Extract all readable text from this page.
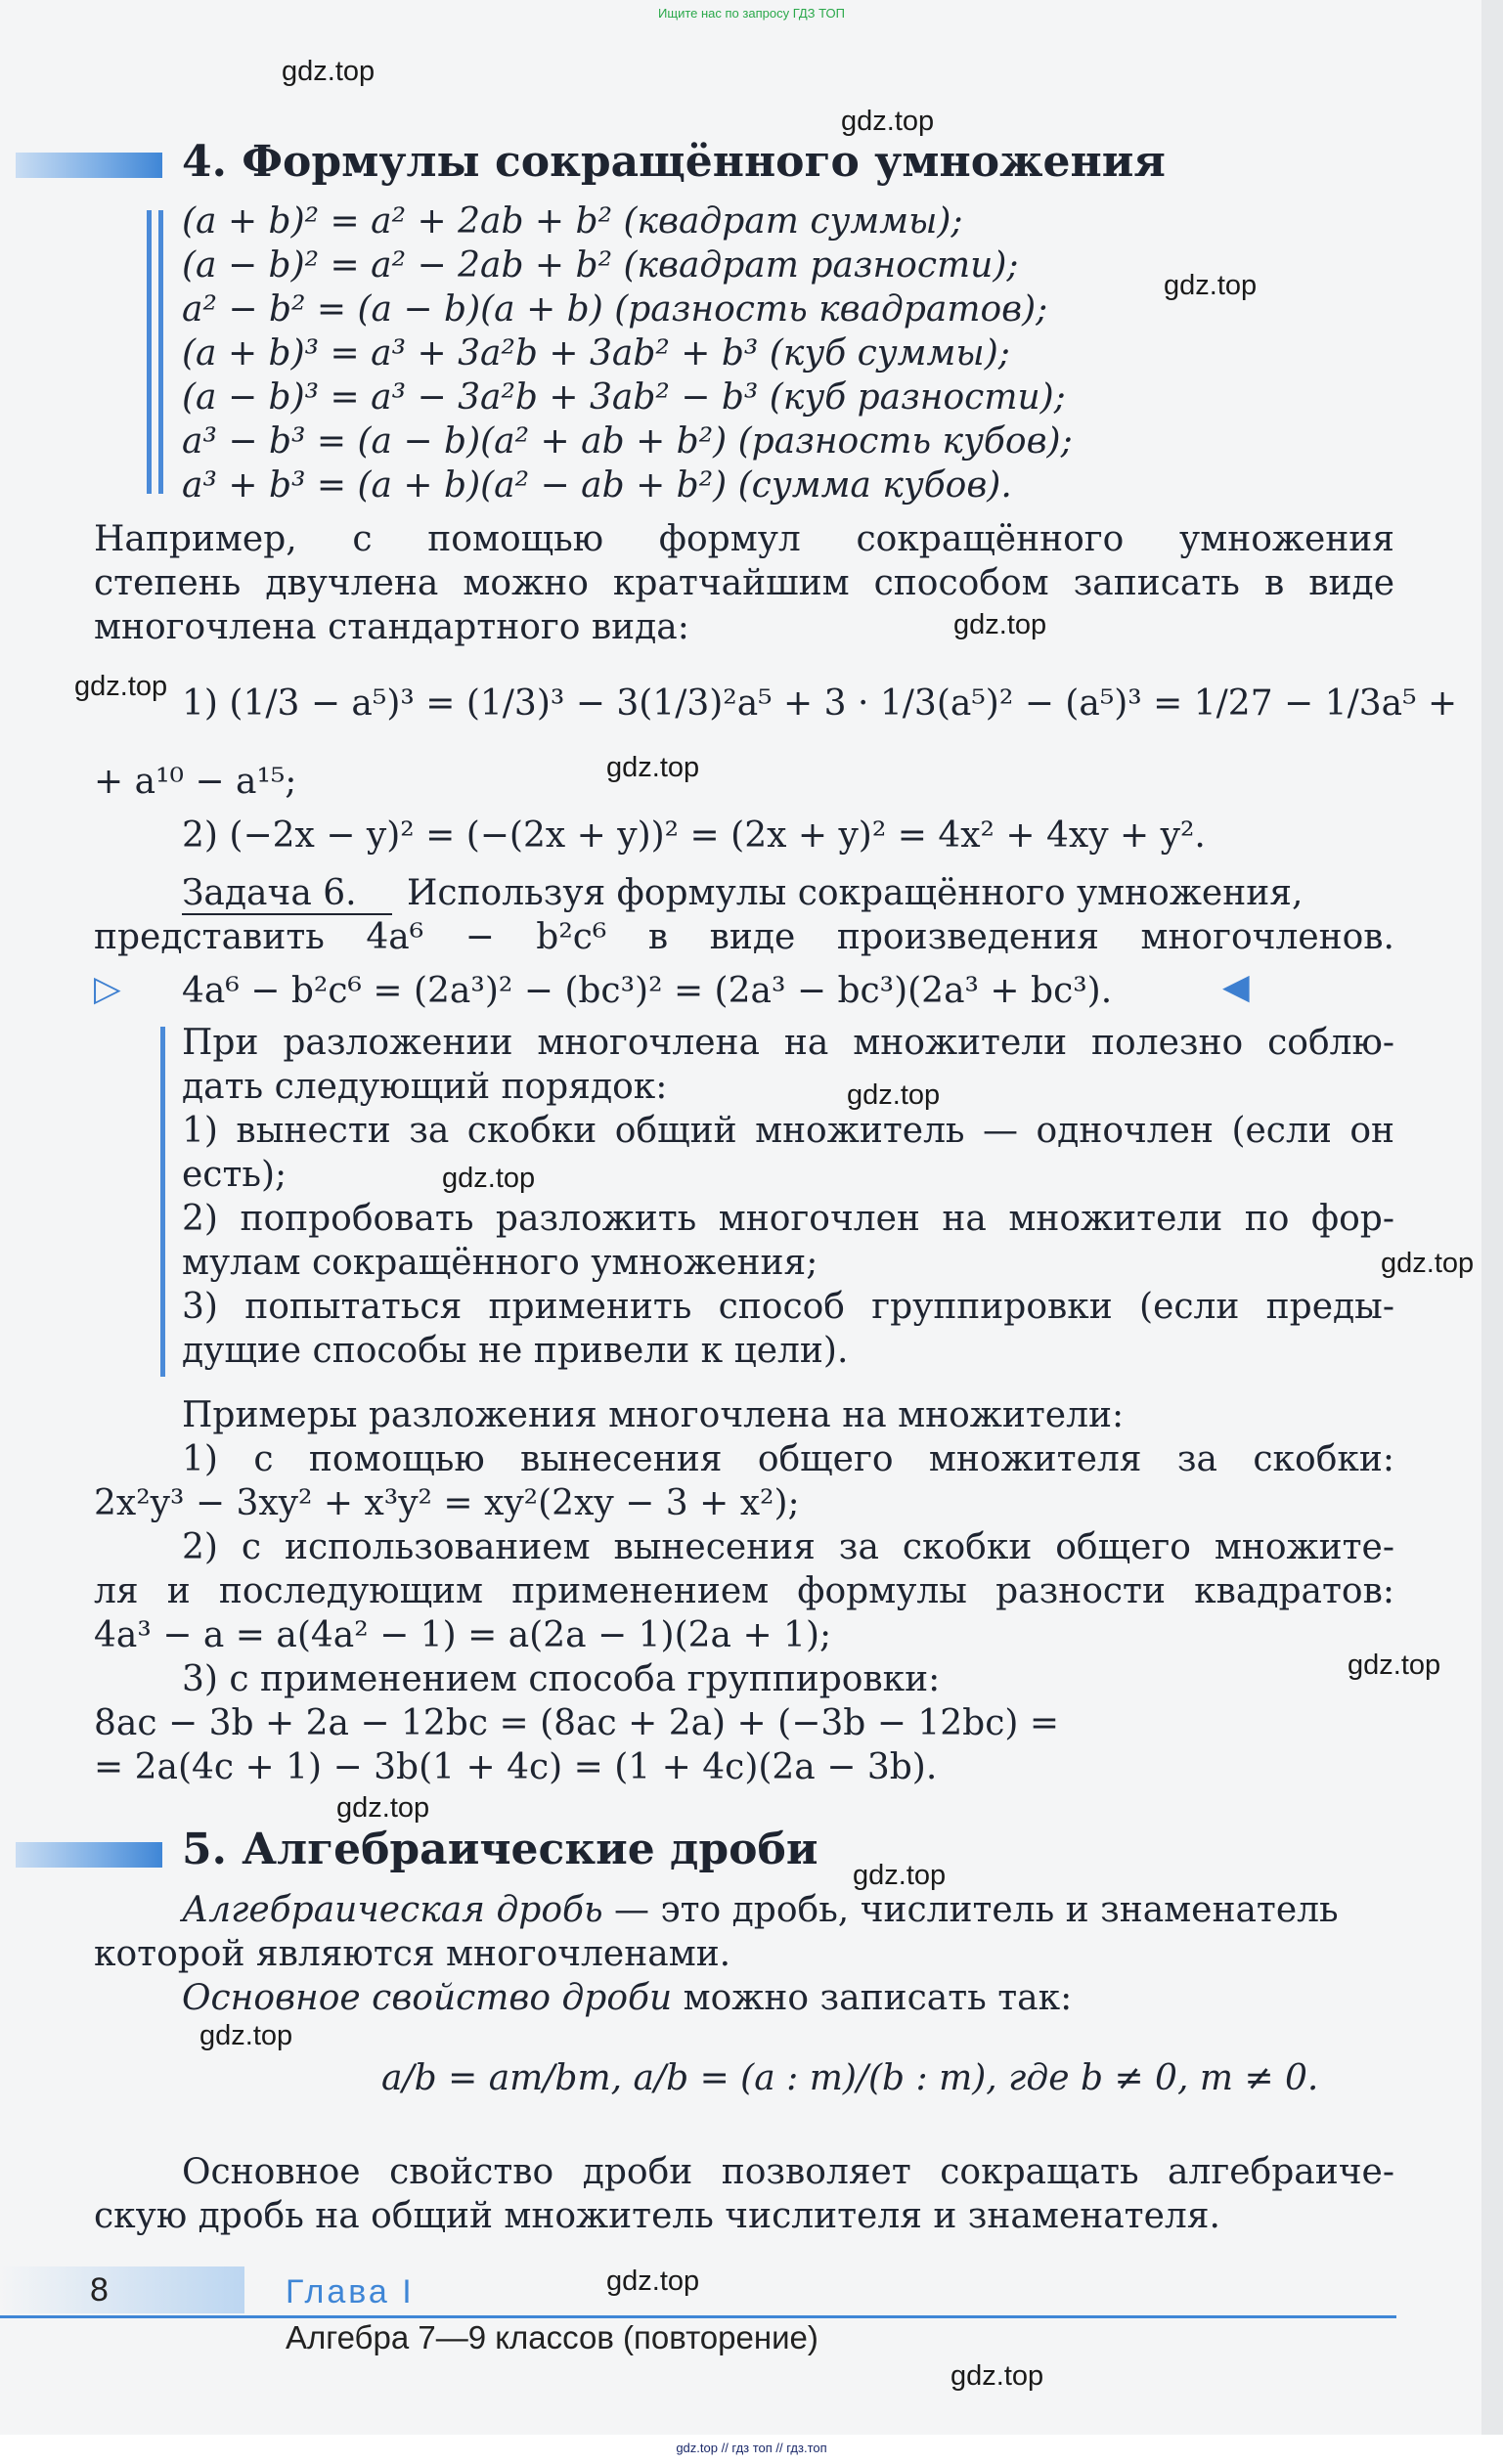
Ищите нас по запросу ГДЗ ТОП
gdz.top
gdz.top
gdz.top
gdz.top
gdz.top
gdz.top
gdz.top
gdz.top
gdz.top
gdz.top
gdz.top
gdz.top
gdz.top
gdz.top
gdz.top
4. Формулы сокращённого умножения
(a + b)² = a² + 2ab + b² (квадрат суммы);
(a − b)² = a² − 2ab + b² (квадрат разности);
a² − b² = (a − b)(a + b) (разность квадратов);
(a + b)³ = a³ + 3a²b + 3ab² + b³ (куб суммы);
(a − b)³ = a³ − 3a²b + 3ab² − b³ (куб разности);
a³ − b³ = (a − b)(a² + ab + b²) (разность кубов);
a³ + b³ = (a + b)(a² − ab + b²) (сумма кубов).
Например, с помощью формул сокращённого умножения
степень двучлена можно кратчайшим способом записать в виде
многочлена стандартного вида:
1) (1/3 − a⁵)³ = (1/3)³ − 3(1/3)²a⁵ + 3 · 1/3(a⁵)² − (a⁵)³ = 1/27 − 1/3a⁵ +
+ a¹⁰ − a¹⁵;
2) (−2x − y)² = (−(2x + y))² = (2x + y)² = 4x² + 4xy + y².
Задача 6. Используя формулы сокращённого умножения,
представить 4a⁶ − b²c⁶ в виде произведения многочленов.
▷ 4a⁶ − b²c⁶ = (2a³)² − (bc³)² = (2a³ − bc³)(2a³ + bc³).	◀
При разложении многочлена на множители полезно соблю-
дать следующий порядок:
1) вынести за скобки общий множитель — одночлен (если он
есть);
2) попробовать разложить многочлен на множители по фор-
мулам сокращённого умножения;
3) попытаться применить способ группировки (если преды-
дущие способы не привели к цели).
Примеры разложения многочлена на множители:
1) с помощью вынесения общего множителя за скобки:
2x²y³ − 3xy² + x³y² = xy²(2xy − 3 + x²);
2) с использованием вынесения за скобки общего множите-
ля и последующим применением формулы разности квадратов:
4a³ − a = a(4a² − 1) = a(2a − 1)(2a + 1);
3) с применением способа группировки:
8ac − 3b + 2a − 12bc = (8ac + 2a) + (−3b − 12bc) =
= 2a(4c + 1) − 3b(1 + 4c) = (1 + 4c)(2a − 3b).
5. Алгебраические дроби
Алгебраическая дробь — это дробь, числитель и знаменатель
которой являются многочленами.
Основное свойство дроби можно записать так:
a/b = am/bm, a/b = (a : m)/(b : m), где b ≠ 0, m ≠ 0.
Основное свойство дроби позволяет сокращать алгебраиче-
скую дробь на общий множитель числителя и знаменателя.
8	Глава I
Алгебра 7—9 классов (повторение)
gdz.top // гдз топ // гдз.топ
